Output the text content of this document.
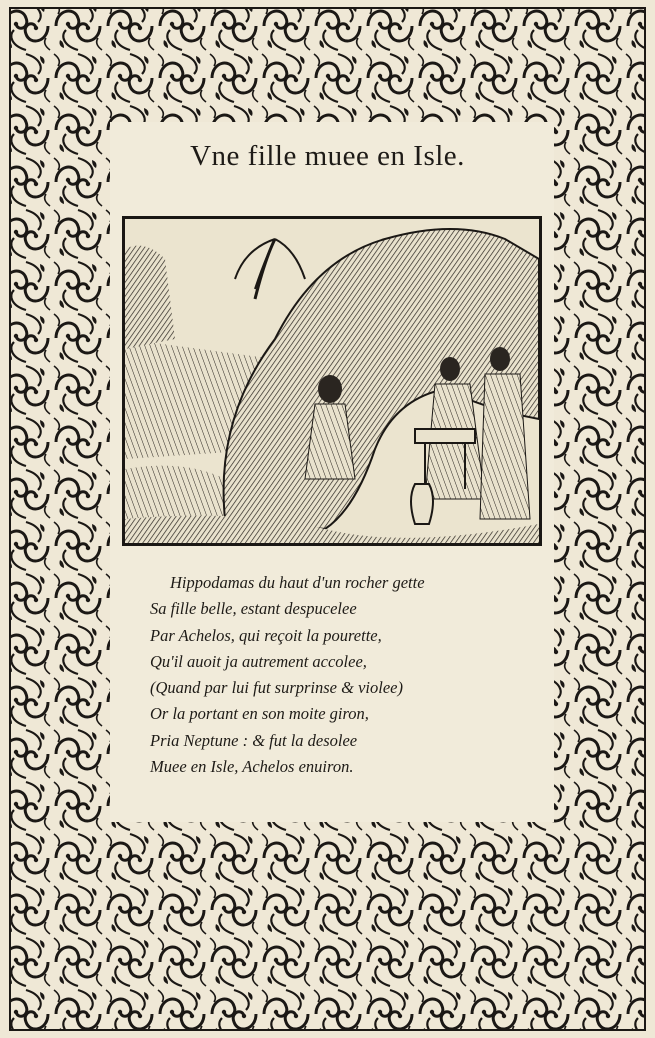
Vne fille muee en Isle.
Hippodamas du haut d'un rocher gette
Sa fille belle, estant despucelee
Par Achelos, qui reçoit la pourette,
Qu'il auoit ja autrement accolee,
(Quand par lui fut surprinse & violee)
Or la portant en son moite giron,
Pria Neptune : & fut la desolee
Muee en Isle, Achelos enuiron.
